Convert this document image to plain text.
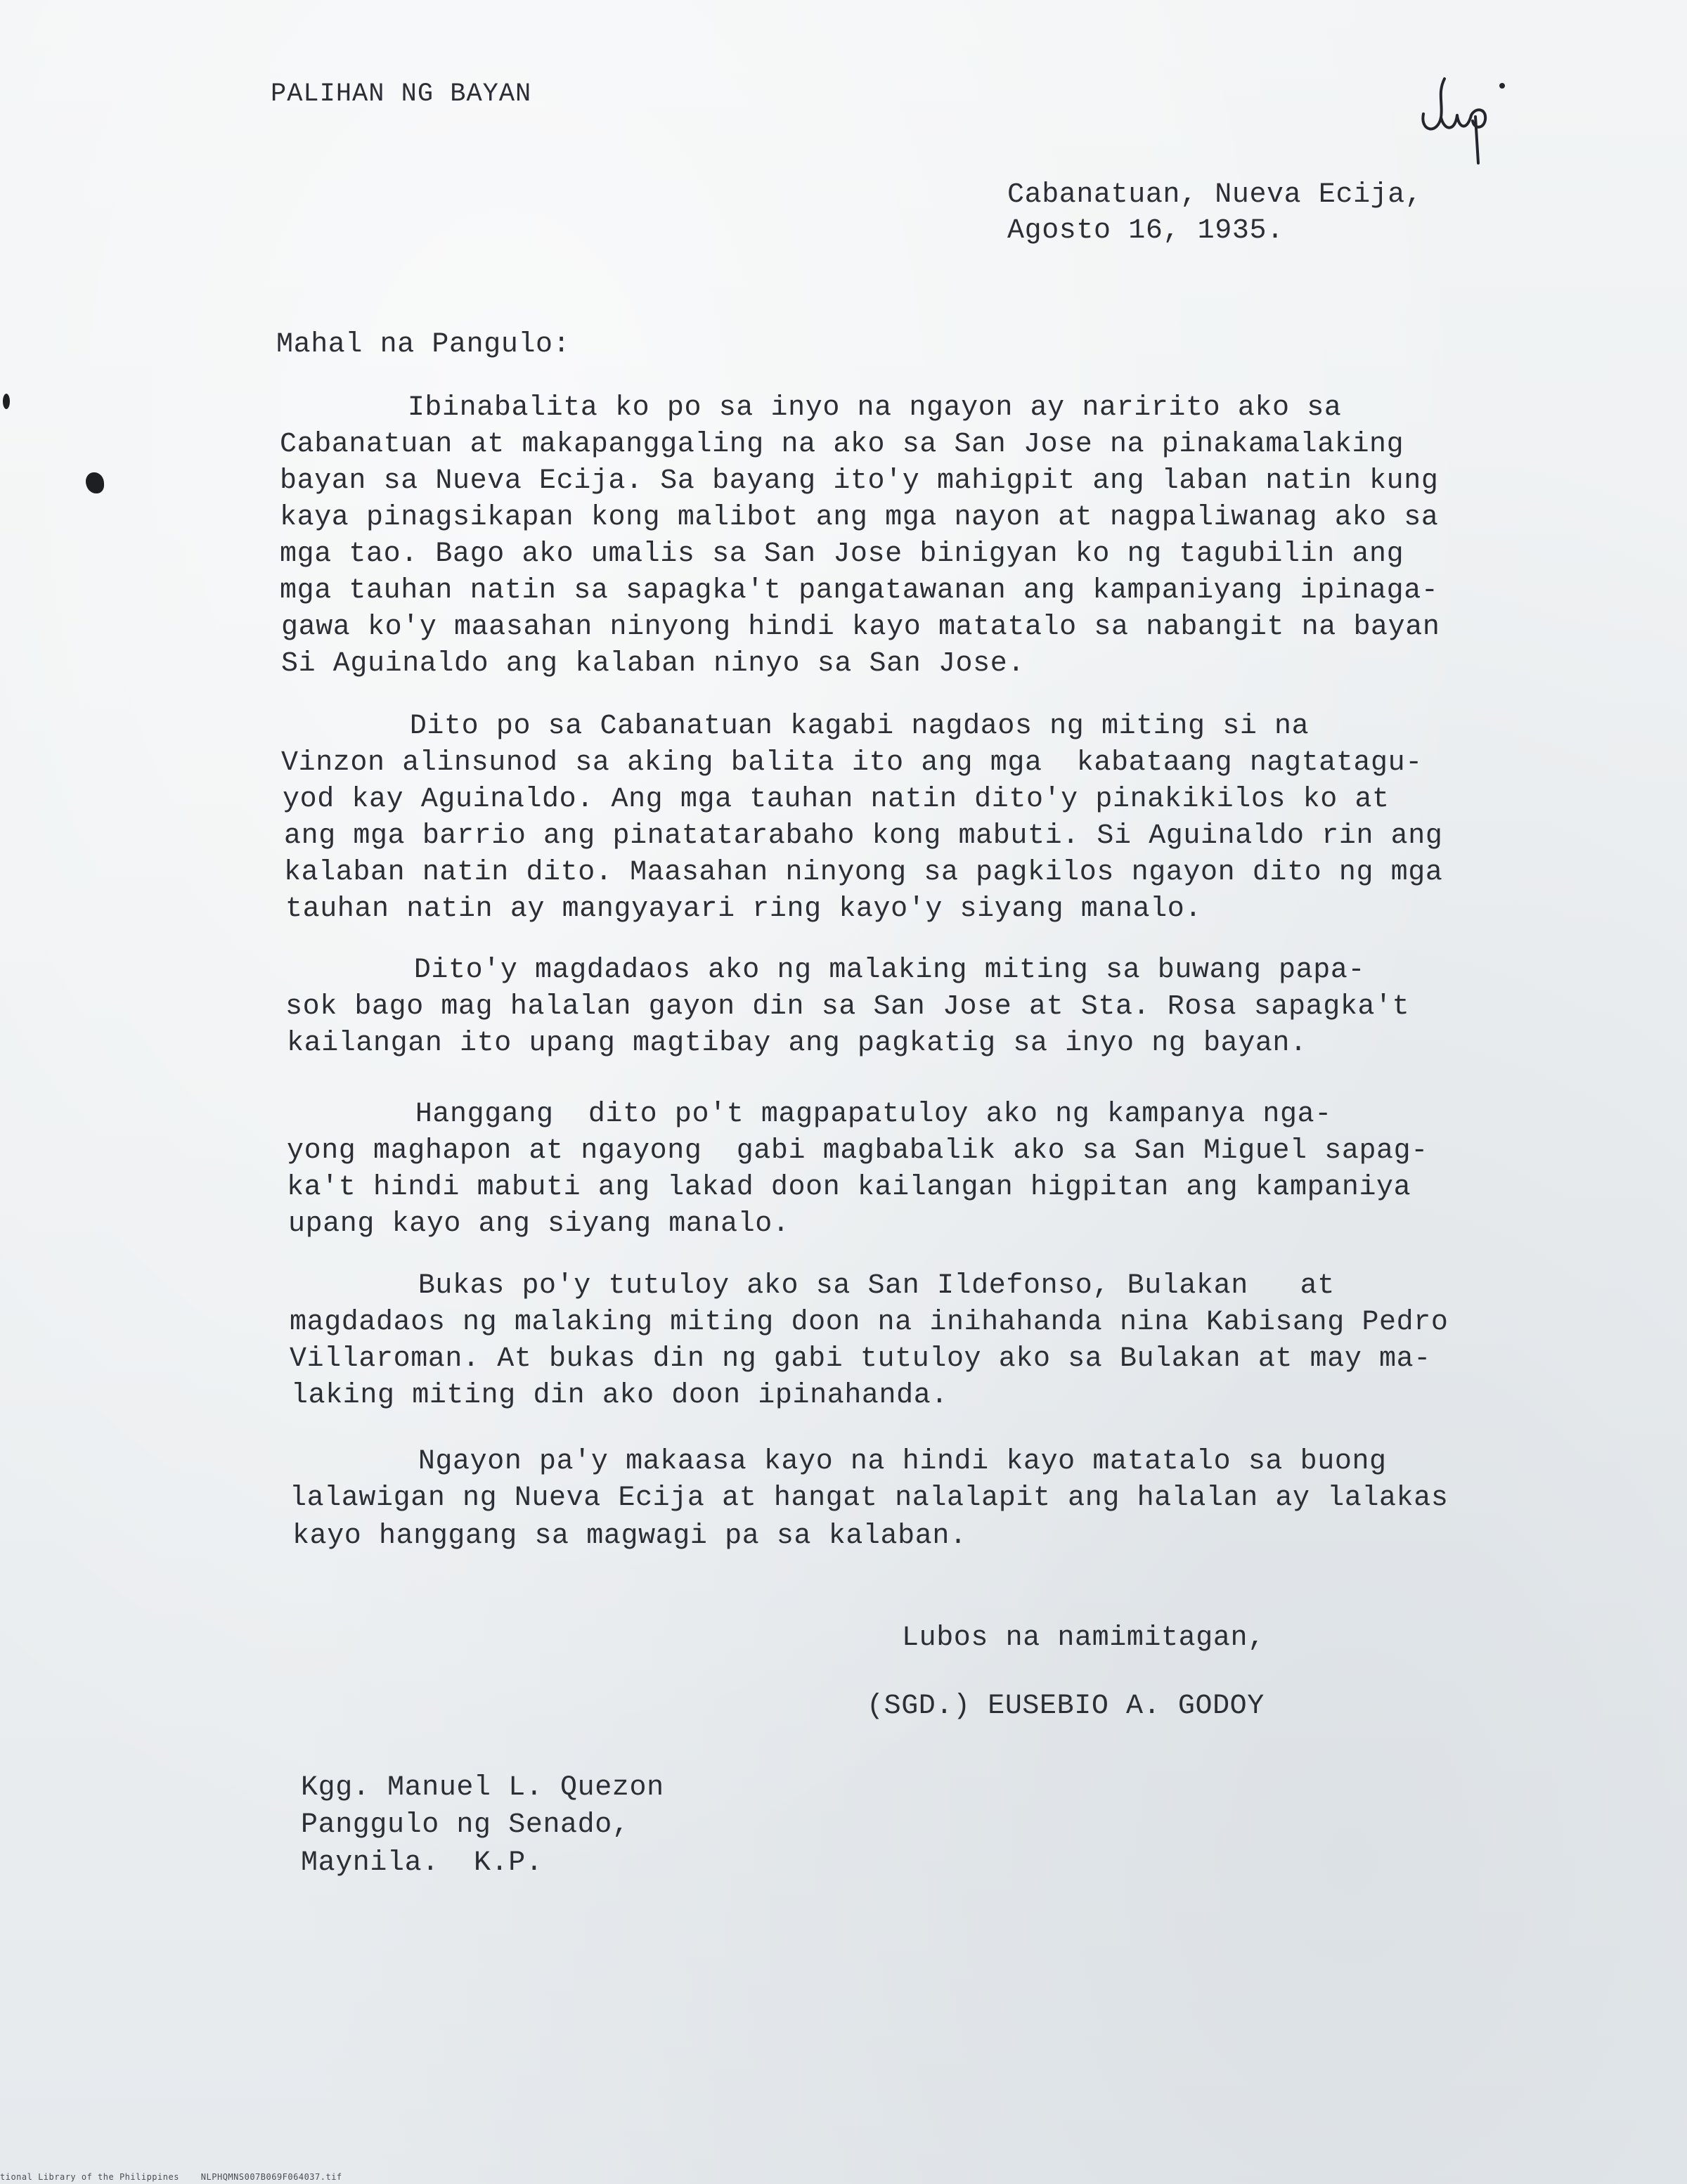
PALIHAN NG BAYAN
Cabanatuan, Nueva Ecija,
Agosto 16, 1935.
Mahal na Pangulo:
Ibinabalita ko po sa inyo na ngayon ay naririto ako sa
Cabanatuan at makapanggaling na ako sa San Jose na pinakamalaking
bayan sa Nueva Ecija. Sa bayang ito'y mahigpit ang laban natin kung
kaya pinagsikapan kong malibot ang mga nayon at nagpaliwanag ako sa
mga tao. Bago ako umalis sa San Jose binigyan ko ng tagubilin ang
mga tauhan natin sa sapagka't pangatawanan ang kampaniyang ipinaga-
gawa ko'y maasahan ninyong hindi kayo matatalo sa nabangit na bayan
Si Aguinaldo ang kalaban ninyo sa San Jose.
Dito po sa Cabanatuan kagabi nagdaos ng miting si na
Vinzon alinsunod sa aking balita ito ang mga  kabataang nagtatagu-
yod kay Aguinaldo. Ang mga tauhan natin dito'y pinakikilos ko at
ang mga barrio ang pinatatarabaho kong mabuti. Si Aguinaldo rin ang
kalaban natin dito. Maasahan ninyong sa pagkilos ngayon dito ng mga
tauhan natin ay mangyayari ring kayo'y siyang manalo.
Dito'y magdadaos ako ng malaking miting sa buwang papa-
sok bago mag halalan gayon din sa San Jose at Sta. Rosa sapagka't
kailangan ito upang magtibay ang pagkatig sa inyo ng bayan.
Hanggang  dito po't magpapatuloy ako ng kampanya nga-
yong maghapon at ngayong  gabi magbabalik ako sa San Miguel sapag-
ka't hindi mabuti ang lakad doon kailangan higpitan ang kampaniya
upang kayo ang siyang manalo.
Bukas po'y tutuloy ako sa San Ildefonso, Bulakan   at
magdadaos ng malaking miting doon na inihahanda nina Kabisang Pedro
Villaroman. At bukas din ng gabi tutuloy ako sa Bulakan at may ma-
laking miting din ako doon ipinahanda.
Ngayon pa'y makaasa kayo na hindi kayo matatalo sa buong
lalawigan ng Nueva Ecija at hangat nalalapit ang halalan ay lalakas
kayo hanggang sa magwagi pa sa kalaban.
Lubos na namimitagan,
(SGD.) EUSEBIO A. GODOY
Kgg. Manuel L. Quezon
Panggulo ng Senado,
Maynila.  K.P.
tional Library of the Philippines    NLPHQMNS007B069F064037.tif
